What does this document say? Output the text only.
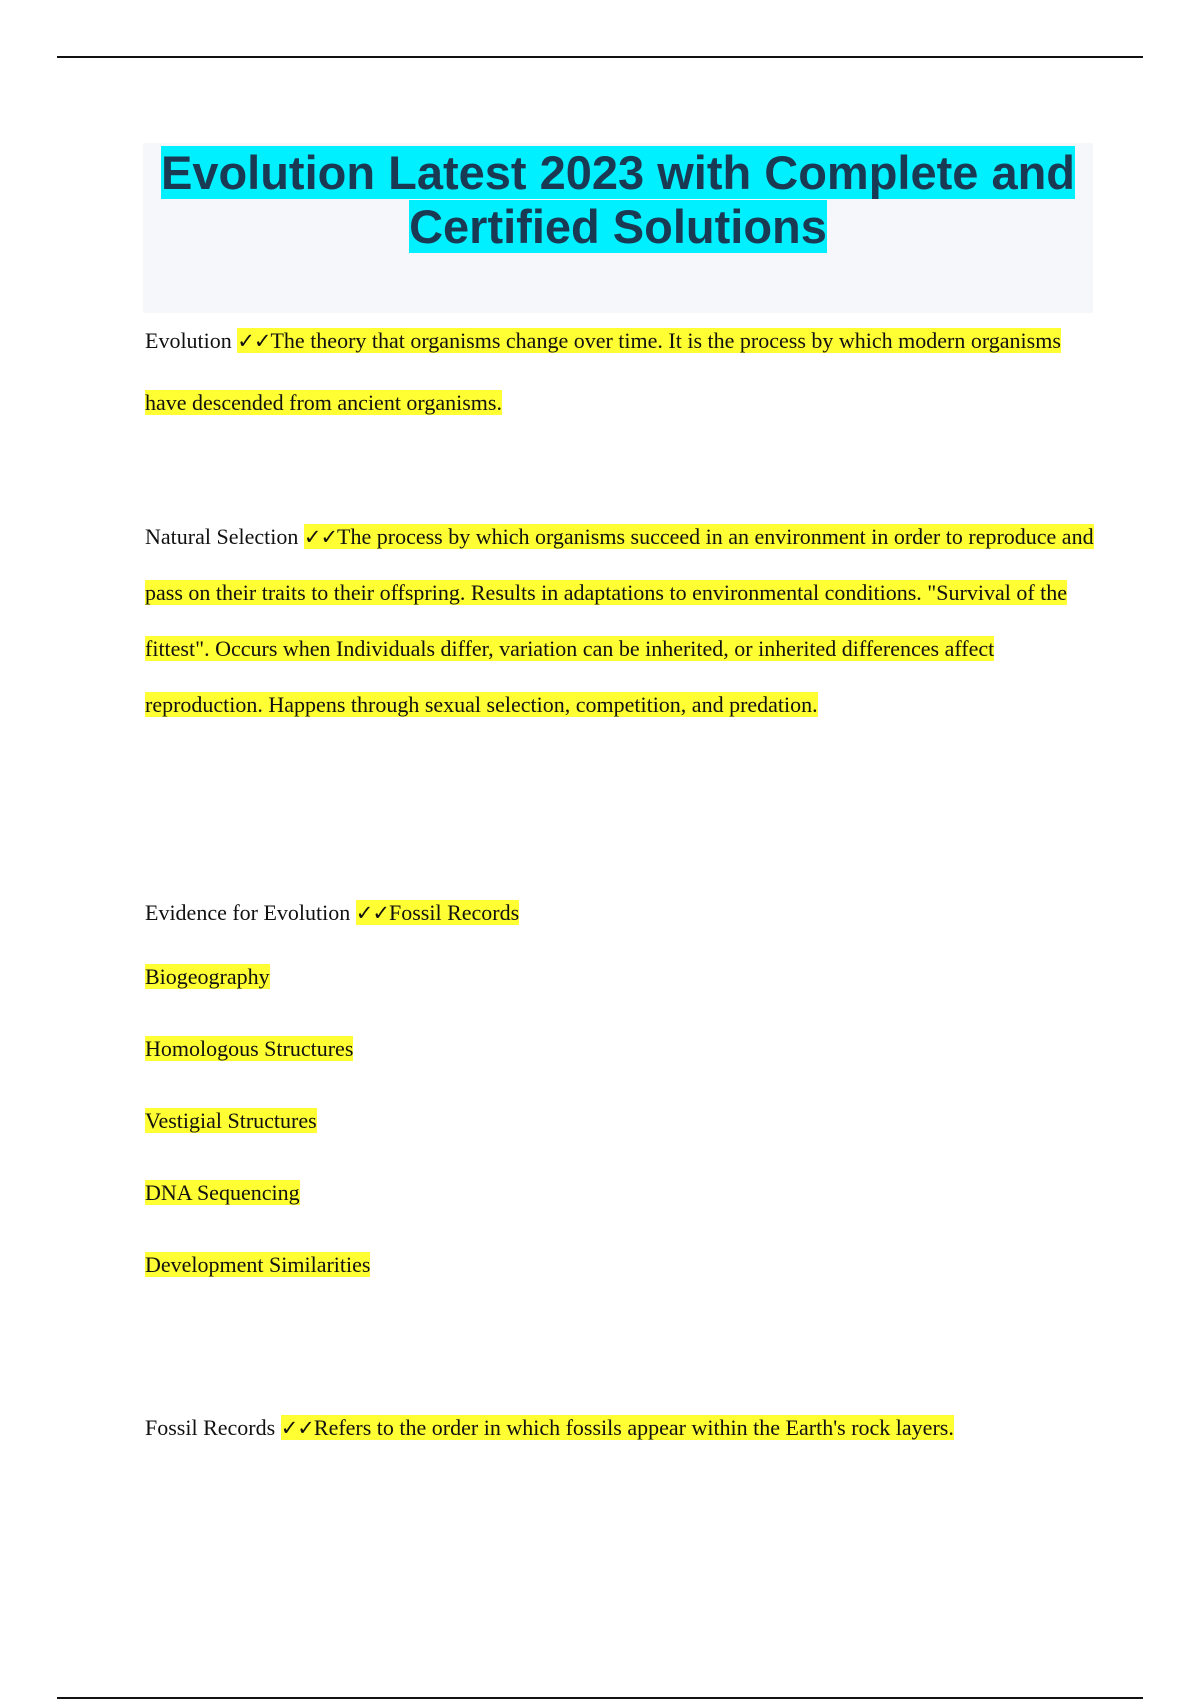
Evolution Latest 2023 with Complete and
Certified Solutions

Evolution ✓✓The theory that organisms change over time. It is the process by which modern organisms have descended from ancient organisms.

Natural Selection ✓✓The process by which organisms succeed in an environment in order to reproduce and pass on their traits to their offspring. Results in adaptations to environmental conditions. "Survival of the fittest". Occurs when Individuals differ, variation can be inherited, or inherited differences affect reproduction. Happens through sexual selection, competition, and predation.

Evidence for Evolution ✓✓Fossil Records

Biogeography
Homologous Structures
Vestigial Structures
DNA Sequencing
Development Similarities

Fossil Records ✓✓Refers to the order in which fossils appear within the Earth's rock layers.
